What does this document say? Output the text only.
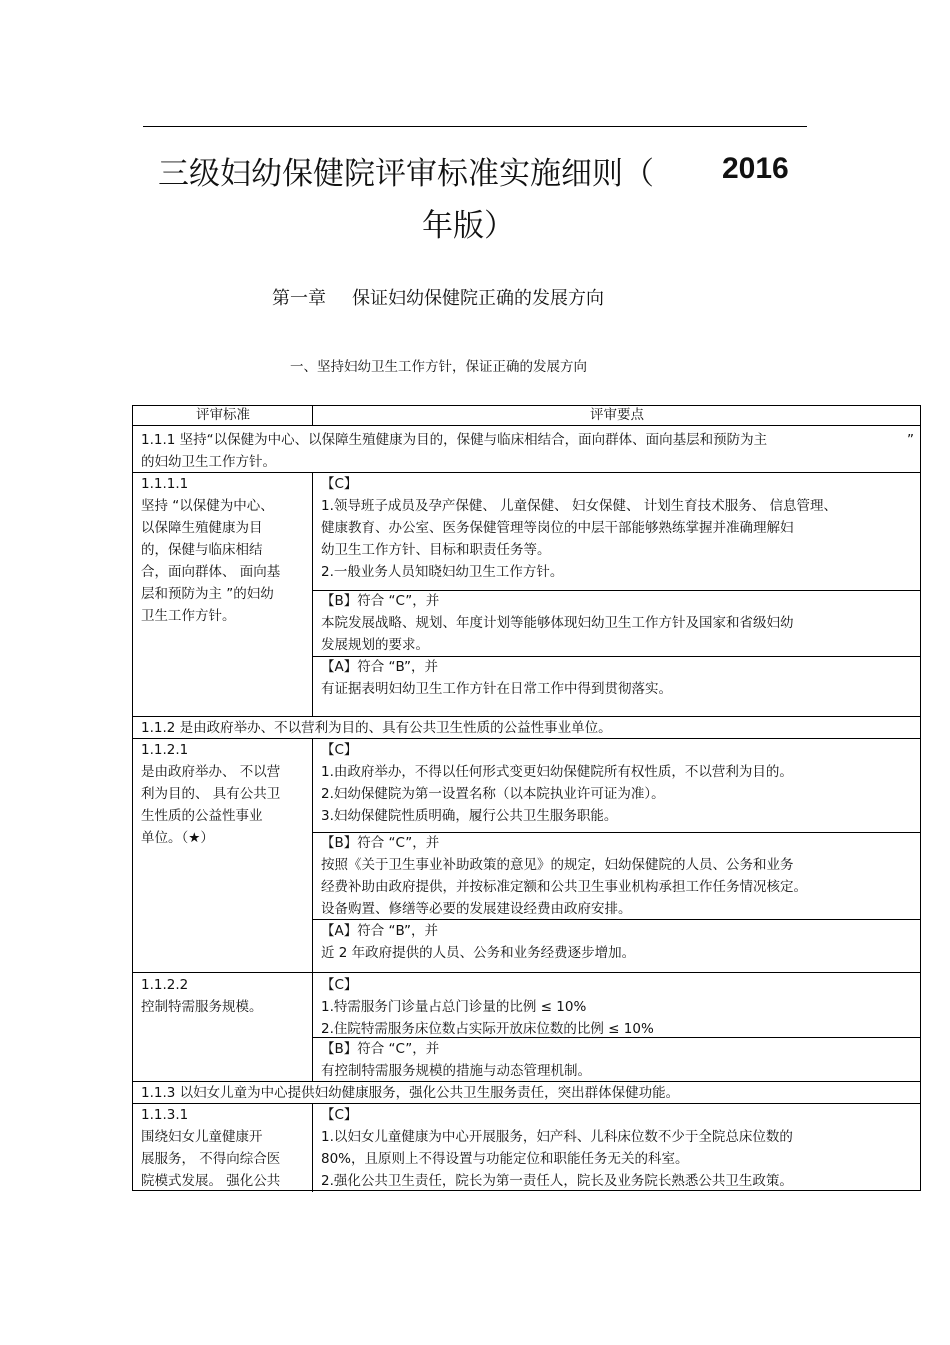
三级妇幼保健院评审标准实施细则（ 2016
年版）
第一章 保证妇幼保健院正确的发展方向
一、坚持妇幼卫生工作方针，保证正确的发展方向
评审标准	评审要点
1.1.1 坚持“以保健为中心、以保障生殖健康为目的，保健与临床相结合，面向群体、面向基层和预防为主
的妇幼卫生工作方针。
”
1.1.1.1
坚持 “以保健为中心、
以保障生殖健康为目
的，保健与临床相结
合，面向群体、 面向基
层和预防为主 ”的妇幼
卫生工作方针。
【C】
1.领导班子成员及孕产保健、 儿童保健、 妇女保健、 计划生育技术服务、 信息管理、
健康教育、办公室、医务保健管理等岗位的中层干部能够熟练掌握并准确理解妇
幼卫生工作方针、目标和职责任务等。
2.一般业务人员知晓妇幼卫生工作方针。
【B】符合 “C”，并
本院发展战略、规划、年度计划等能够体现妇幼卫生工作方针及国家和省级妇幼
发展规划的要求。
【A】符合 “B”，并
有证据表明妇幼卫生工作方针在日常工作中得到贯彻落实。
1.1.2 是由政府举办、不以营利为目的、具有公共卫生性质的公益性事业单位。
1.1.2.1
是由政府举办、 不以营
利为目的、 具有公共卫
生性质的公益性事业
单位。（★）
【C】
1.由政府举办，不得以任何形式变更妇幼保健院所有权性质，不以营利为目的。
2.妇幼保健院为第一设置名称（以本院执业许可证为准）。
3.妇幼保健院性质明确，履行公共卫生服务职能。
【B】符合 “C”，并
按照《关于卫生事业补助政策的意见》的规定，妇幼保健院的人员、公务和业务
经费补助由政府提供，并按标准定额和公共卫生事业机构承担工作任务情况核定。
设备购置、修缮等必要的发展建设经费由政府安排。
【A】符合 “B”，并
近 2 年政府提供的人员、公务和业务经费逐步增加。
1.1.2.2
控制特需服务规模。
【C】
1.特需服务门诊量占总门诊量的比例 ≤ 10%
2.住院特需服务床位数占实际开放床位数的比例 ≤ 10%
【B】符合 “C”，并
有控制特需服务规模的措施与动态管理机制。
1.1.3 以妇女儿童为中心提供妇幼健康服务，强化公共卫生服务责任，突出群体保健功能。
1.1.3.1
围绕妇女儿童健康开
展服务， 不得向综合医
院模式发展。 强化公共
【C】
1.以妇女儿童健康为中心开展服务，妇产科、儿科床位数不少于全院总床位数的
80%，且原则上不得设置与功能定位和职能任务无关的科室。
2.强化公共卫生责任，院长为第一责任人，院长及业务院长熟悉公共卫生政策。
